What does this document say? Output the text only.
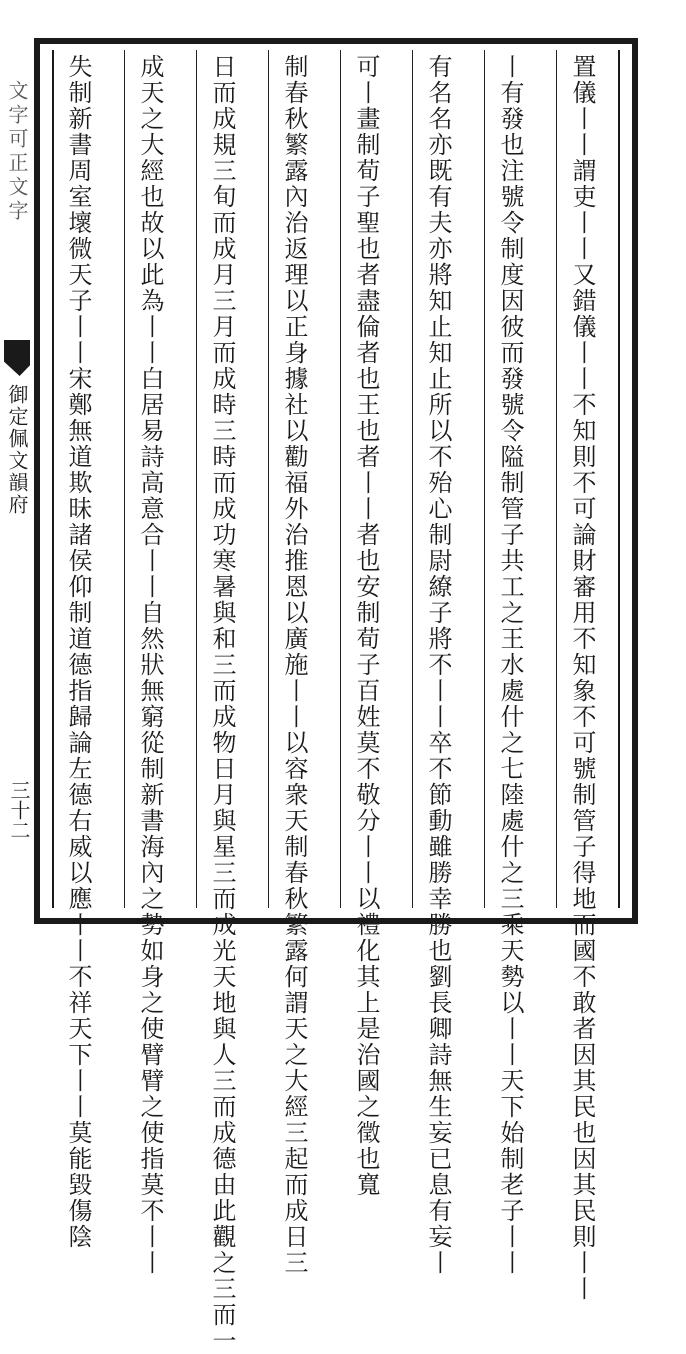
文字可正文字
御定佩文韻府
三十二	置儀丨丨謂吏丨丨又錯儀丨丨不知則不可論財審用不知象不可號制管子得地而國不敢者因其民也因其民則丨丨
丨有發也注號令制度因彼而發號令隘制管子共工之王水處什之七陸處什之三乘天勢以丨丨天下始制老子丨丨
有名名亦既有夫亦將知止知止所以不殆心制尉繚子將不丨丨卒不節動雖勝幸勝也劉長卿詩無生妄已息有妄丨
可丨畫制荀子聖也者盡倫者也王也者丨丨者也安制荀子百姓莫不敬分丨丨以禮化其上是治國之徵也寬
制春秋繁露內治返理以正身據社以勸福外治推恩以廣施丨丨以容衆天制春秋繁露何謂天之大經三起而成日三
日而成規三旬而成月三月而成時三時而成功寒暑與和三而成物日月與星三而成光天地與人三而成德由此觀之三而一
成天之大經也故以此為丨丨白居易詩高意合丨丨自然狀無窮從制新書海內之勢如身之使臂臂之使指莫不丨丨
失制新書周室壞微天子丨丨宋鄭無道欺昧諸侯仰制道德指歸論左德右威以應丨丨不祥天下丨丨莫能毀傷陰
